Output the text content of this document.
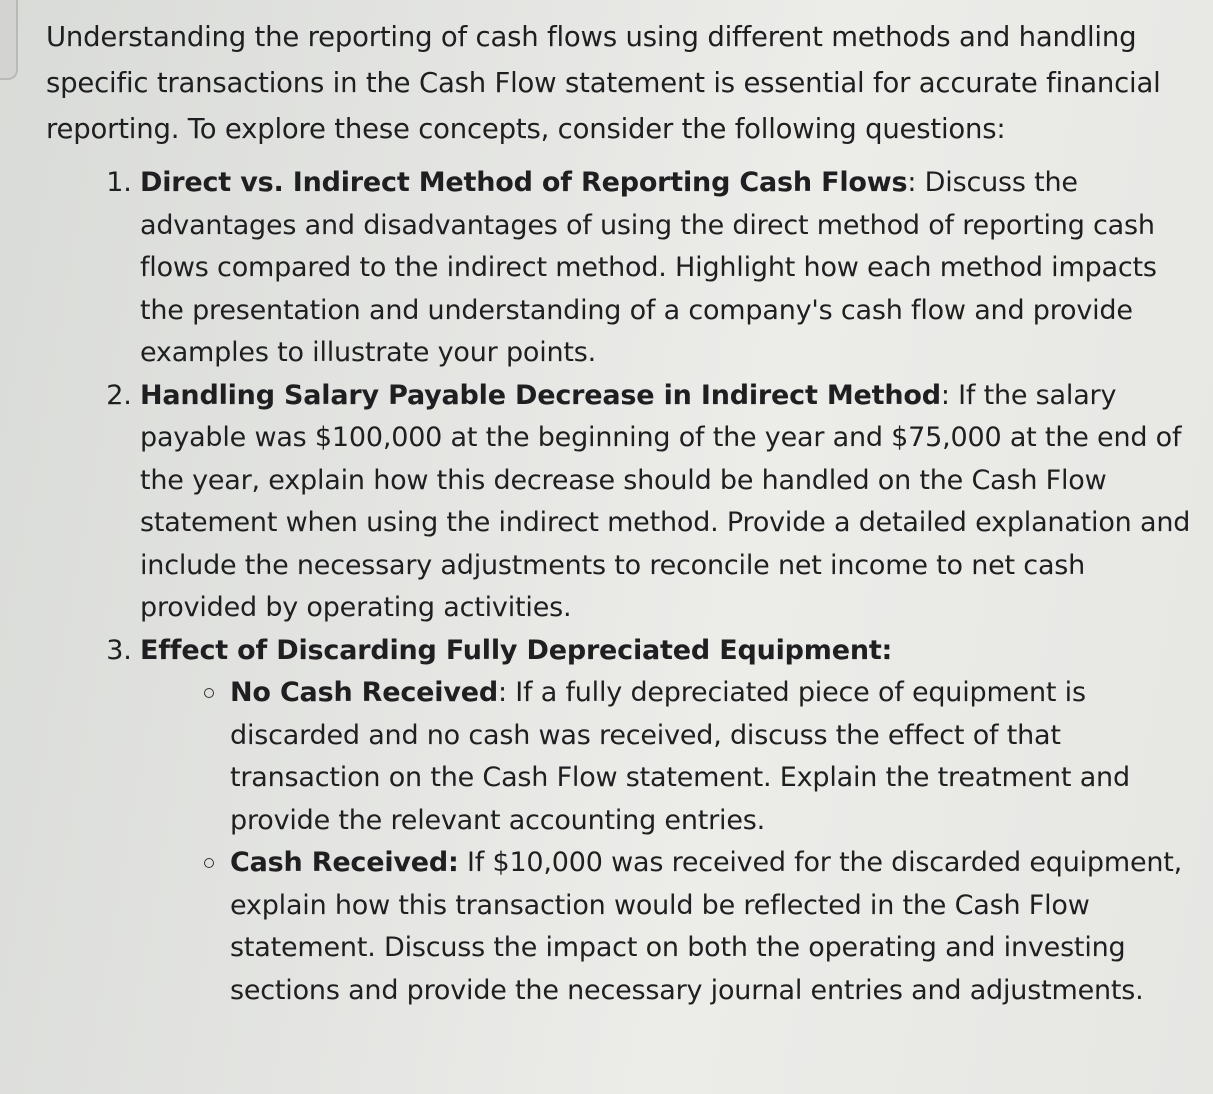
Understanding the reporting of cash flows using different methods and handling specific transactions in the Cash Flow statement is essential for accurate financial reporting. To explore these concepts, consider the following questions:

1. Direct vs. Indirect Method of Reporting Cash Flows: Discuss the advantages and disadvantages of using the direct method of reporting cash flows compared to the indirect method. Highlight how each method impacts the presentation and understanding of a company's cash flow and provide examples to illustrate your points.
2. Handling Salary Payable Decrease in Indirect Method: If the salary payable was $100,000 at the beginning of the year and $75,000 at the end of the year, explain how this decrease should be handled on the Cash Flow statement when using the indirect method. Provide a detailed explanation and include the necessary adjustments to reconcile net income to net cash provided by operating activities.
3. Effect of Discarding Fully Depreciated Equipment:
No Cash Received: If a fully depreciated piece of equipment is discarded and no cash was received, discuss the effect of that transaction on the Cash Flow statement. Explain the treatment and provide the relevant accounting entries.
Cash Received: If $10,000 was received for the discarded equipment, explain how this transaction would be reflected in the Cash Flow statement. Discuss the impact on both the operating and investing sections and provide the necessary journal entries and adjustments.
